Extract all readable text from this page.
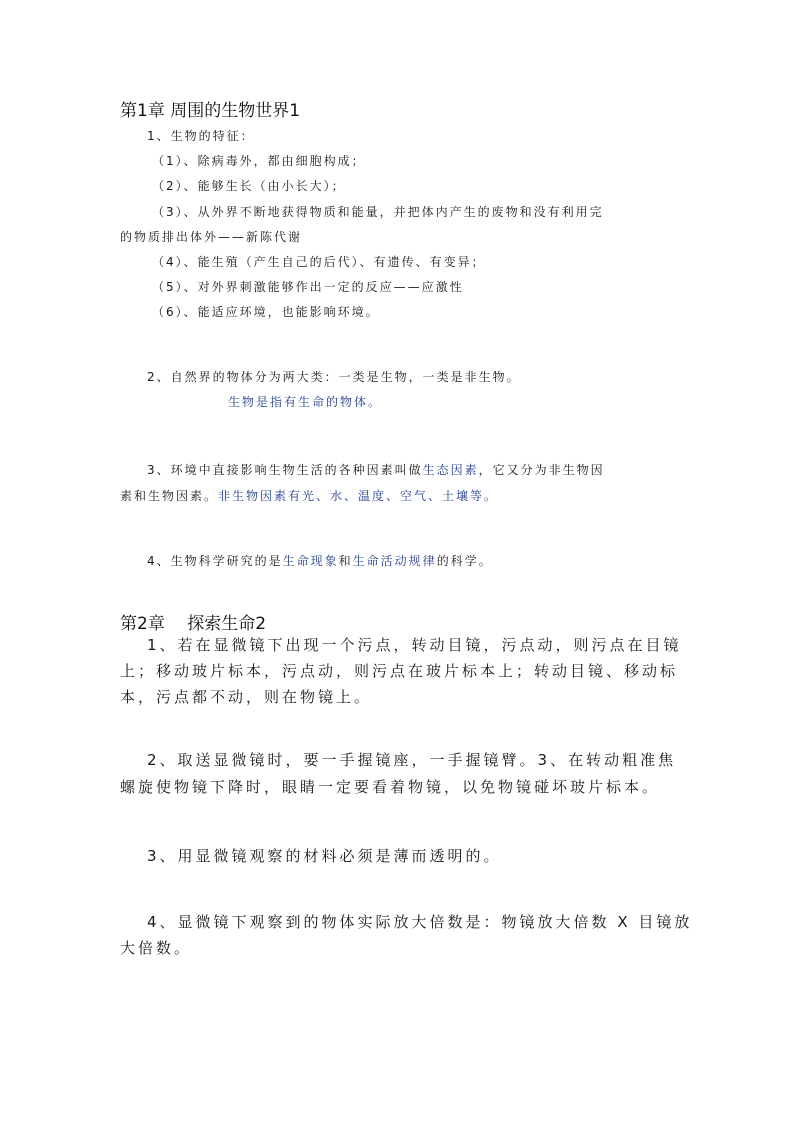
第1章 周围的生物世界1
1、生物的特征：
（1）、除病毒外，都由细胞构成；
（2）、能够生长（由小长大）；
（3）、从外界不断地获得物质和能量，并把体内产生的废物和没有利用完
的物质排出体外——新陈代谢
（4）、能生殖（产生自己的后代）、有遗传、有变异；
（5）、对外界刺激能够作出一定的反应——应激性
（6）、能适应环境，也能影响环境。
2、自然界的物体分为两大类：一类是生物，一类是非生物。
生物是指有生命的物体。
3、环境中直接影响生物生活的各种因素叫做生态因素，它又分为非生物因
素和生物因素。非生物因素有光、水、温度、空气、土壤等。
4、生物科学研究的是生命现象和生命活动规律的科学。
第2章　 探索生命2
1、若在显微镜下出现一个污点，转动目镜，污点动，则污点在目镜
上；移动玻片标本，污点动，则污点在玻片标本上；转动目镜、移动标
本，污点都不动，则在物镜上。
2、取送显微镜时，要一手握镜座，一手握镜臂。3、在转动粗准焦
螺旋使物镜下降时，眼睛一定要看着物镜，以免物镜碰坏玻片标本。
3、用显微镜观察的材料必须是薄而透明的。
4、显微镜下观察到的物体实际放大倍数是：物镜放大倍数 X 目镜放
大倍数。
